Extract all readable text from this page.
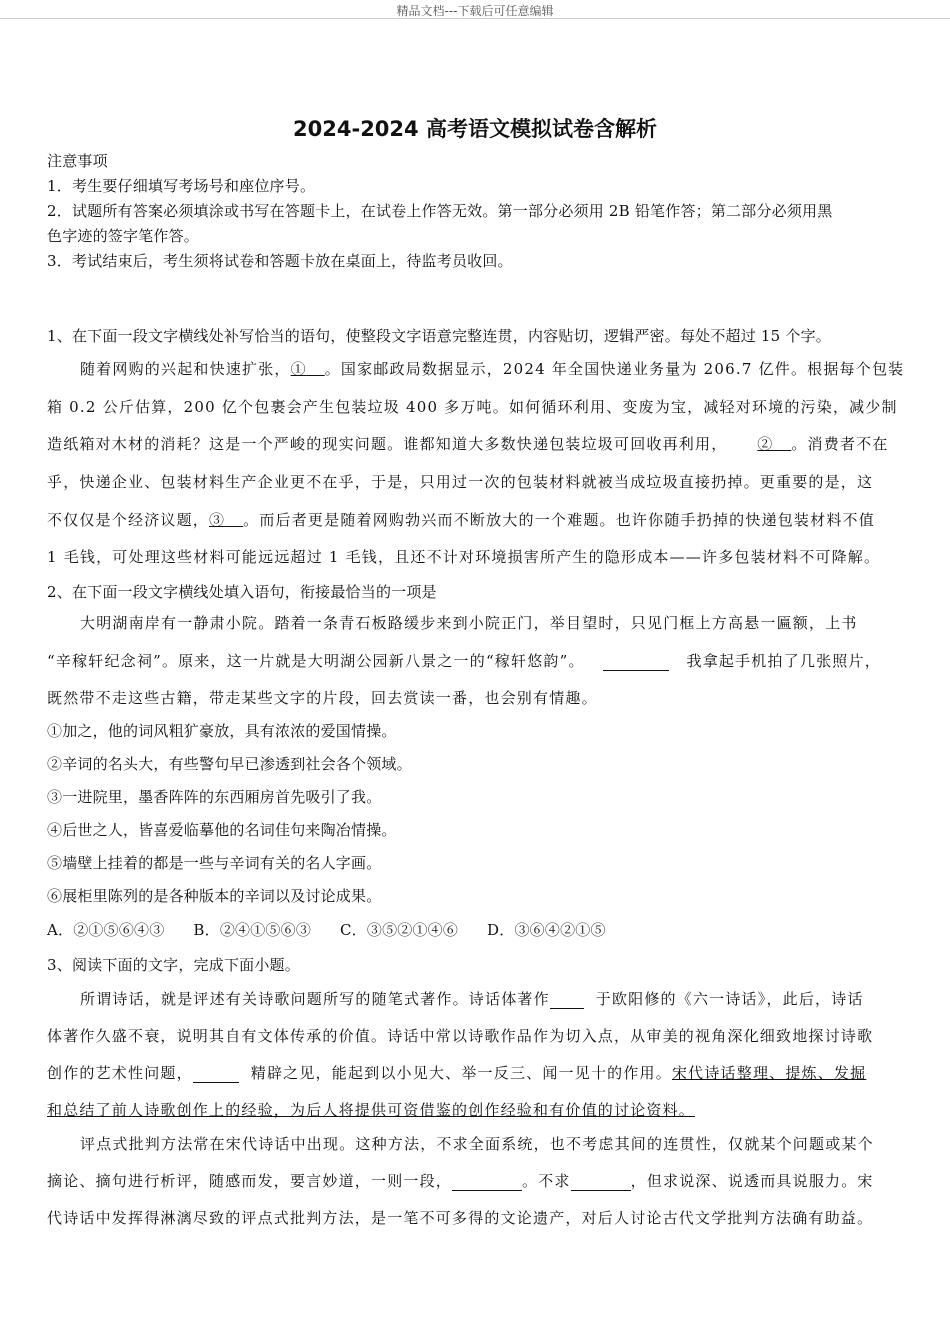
精品文档---下载后可任意编辑
2024-2024 高考语文模拟试卷含解析
注意事项
1．考生要仔细填写考场号和座位序号。
2．试题所有答案必须填涂或书写在答题卡上，在试卷上作答无效。第一部分必须用 2B 铅笔作答；第二部分必须用黑
色字迹的签字笔作答。
3．考试结束后，考生须将试卷和答题卡放在桌面上，待监考员收回。
1、在下面一段文字横线处补写恰当的语句，使整段文字语意完整连贯，内容贴切，逻辑严密。每处不超过 15 个字。
随着网购的兴起和快速扩张，① 。国家邮政局数据显示，2024 年全国快递业务量为 206.7 亿件。根据每个包装
箱 0.2 公斤估算，200 亿个包裹会产生包装垃圾 400 多万吨。如何循环利用、变废为宝，减轻对环境的污染，减少制
造纸箱对木材的消耗？这是一个严峻的现实问题。谁都知道大多数快递包装垃圾可回收再利用， ② 。消费者不在
乎，快递企业、包装材料生产企业更不在乎，于是，只用过一次的包装材料就被当成垃圾直接扔掉。更重要的是，这
不仅仅是个经济议题，③ 。而后者更是随着网购勃兴而不断放大的一个难题。也许你随手扔掉的快递包装材料不值
1 毛钱，可处理这些材料可能远远超过 1 毛钱，且还不计对环境损害所产生的隐形成本——许多包装材料不可降解。
2、在下面一段文字横线处填入语句，衔接最恰当的一项是
大明湖南岸有一静肃小院。踏着一条青石板路缓步来到小院正门，举目望时，只见门框上方高悬一匾额，上书
“辛稼轩纪念祠”。原来，这一片就是大明湖公园新八景之一的“稼轩悠韵”。	我拿起手机拍了几张照片，
既然带不走这些古籍，带走某些文字的片段，回去赏读一番，也会别有情趣。
①加之，他的词风粗犷豪放，具有浓浓的爱国情操。
②辛词的名头大，有些警句早已渗透到社会各个领域。
③一进院里，墨香阵阵的东西厢房首先吸引了我。
④后世之人，皆喜爱临摹他的名词佳句来陶冶情操。
⑤墙壁上挂着的都是一些与辛词有关的名人字画。
⑥展柜里陈列的是各种版本的辛词以及讨论成果。
A．②①⑤⑥④③ B．②④①⑤⑥③ C．③⑤②①④⑥ D．③⑥④②①⑤
3、阅读下面的文字，完成下面小题。
所谓诗话，就是评述有关诗歌问题所写的随笔式著作。诗话体著作	于欧阳修的《六一诗话》，此后，诗话
体著作久盛不衰，说明其自有文体传承的价值。诗话中常以诗歌作品作为切入点，从审美的视角深化细致地探讨诗歌
创作的艺术性问题，	精辟之见，能起到以小见大、举一反三、闻一见十的作用。宋代诗话整理、提炼、发掘
和总结了前人诗歌创作上的经验，为后人将提供可资借鉴的创作经验和有价值的讨论资料。
评点式批判方法常在宋代诗话中出现。这种方法，不求全面系统，也不考虑其间的连贯性，仅就某个问题或某个
摘论、摘句进行析评，随感而发，要言妙道，一则一段，	。不求	，但求说深、说透而具说服力。宋
代诗话中发挥得淋漓尽致的评点式批判方法，是一笔不可多得的文论遗产，对后人讨论古代文学批判方法确有助益。
